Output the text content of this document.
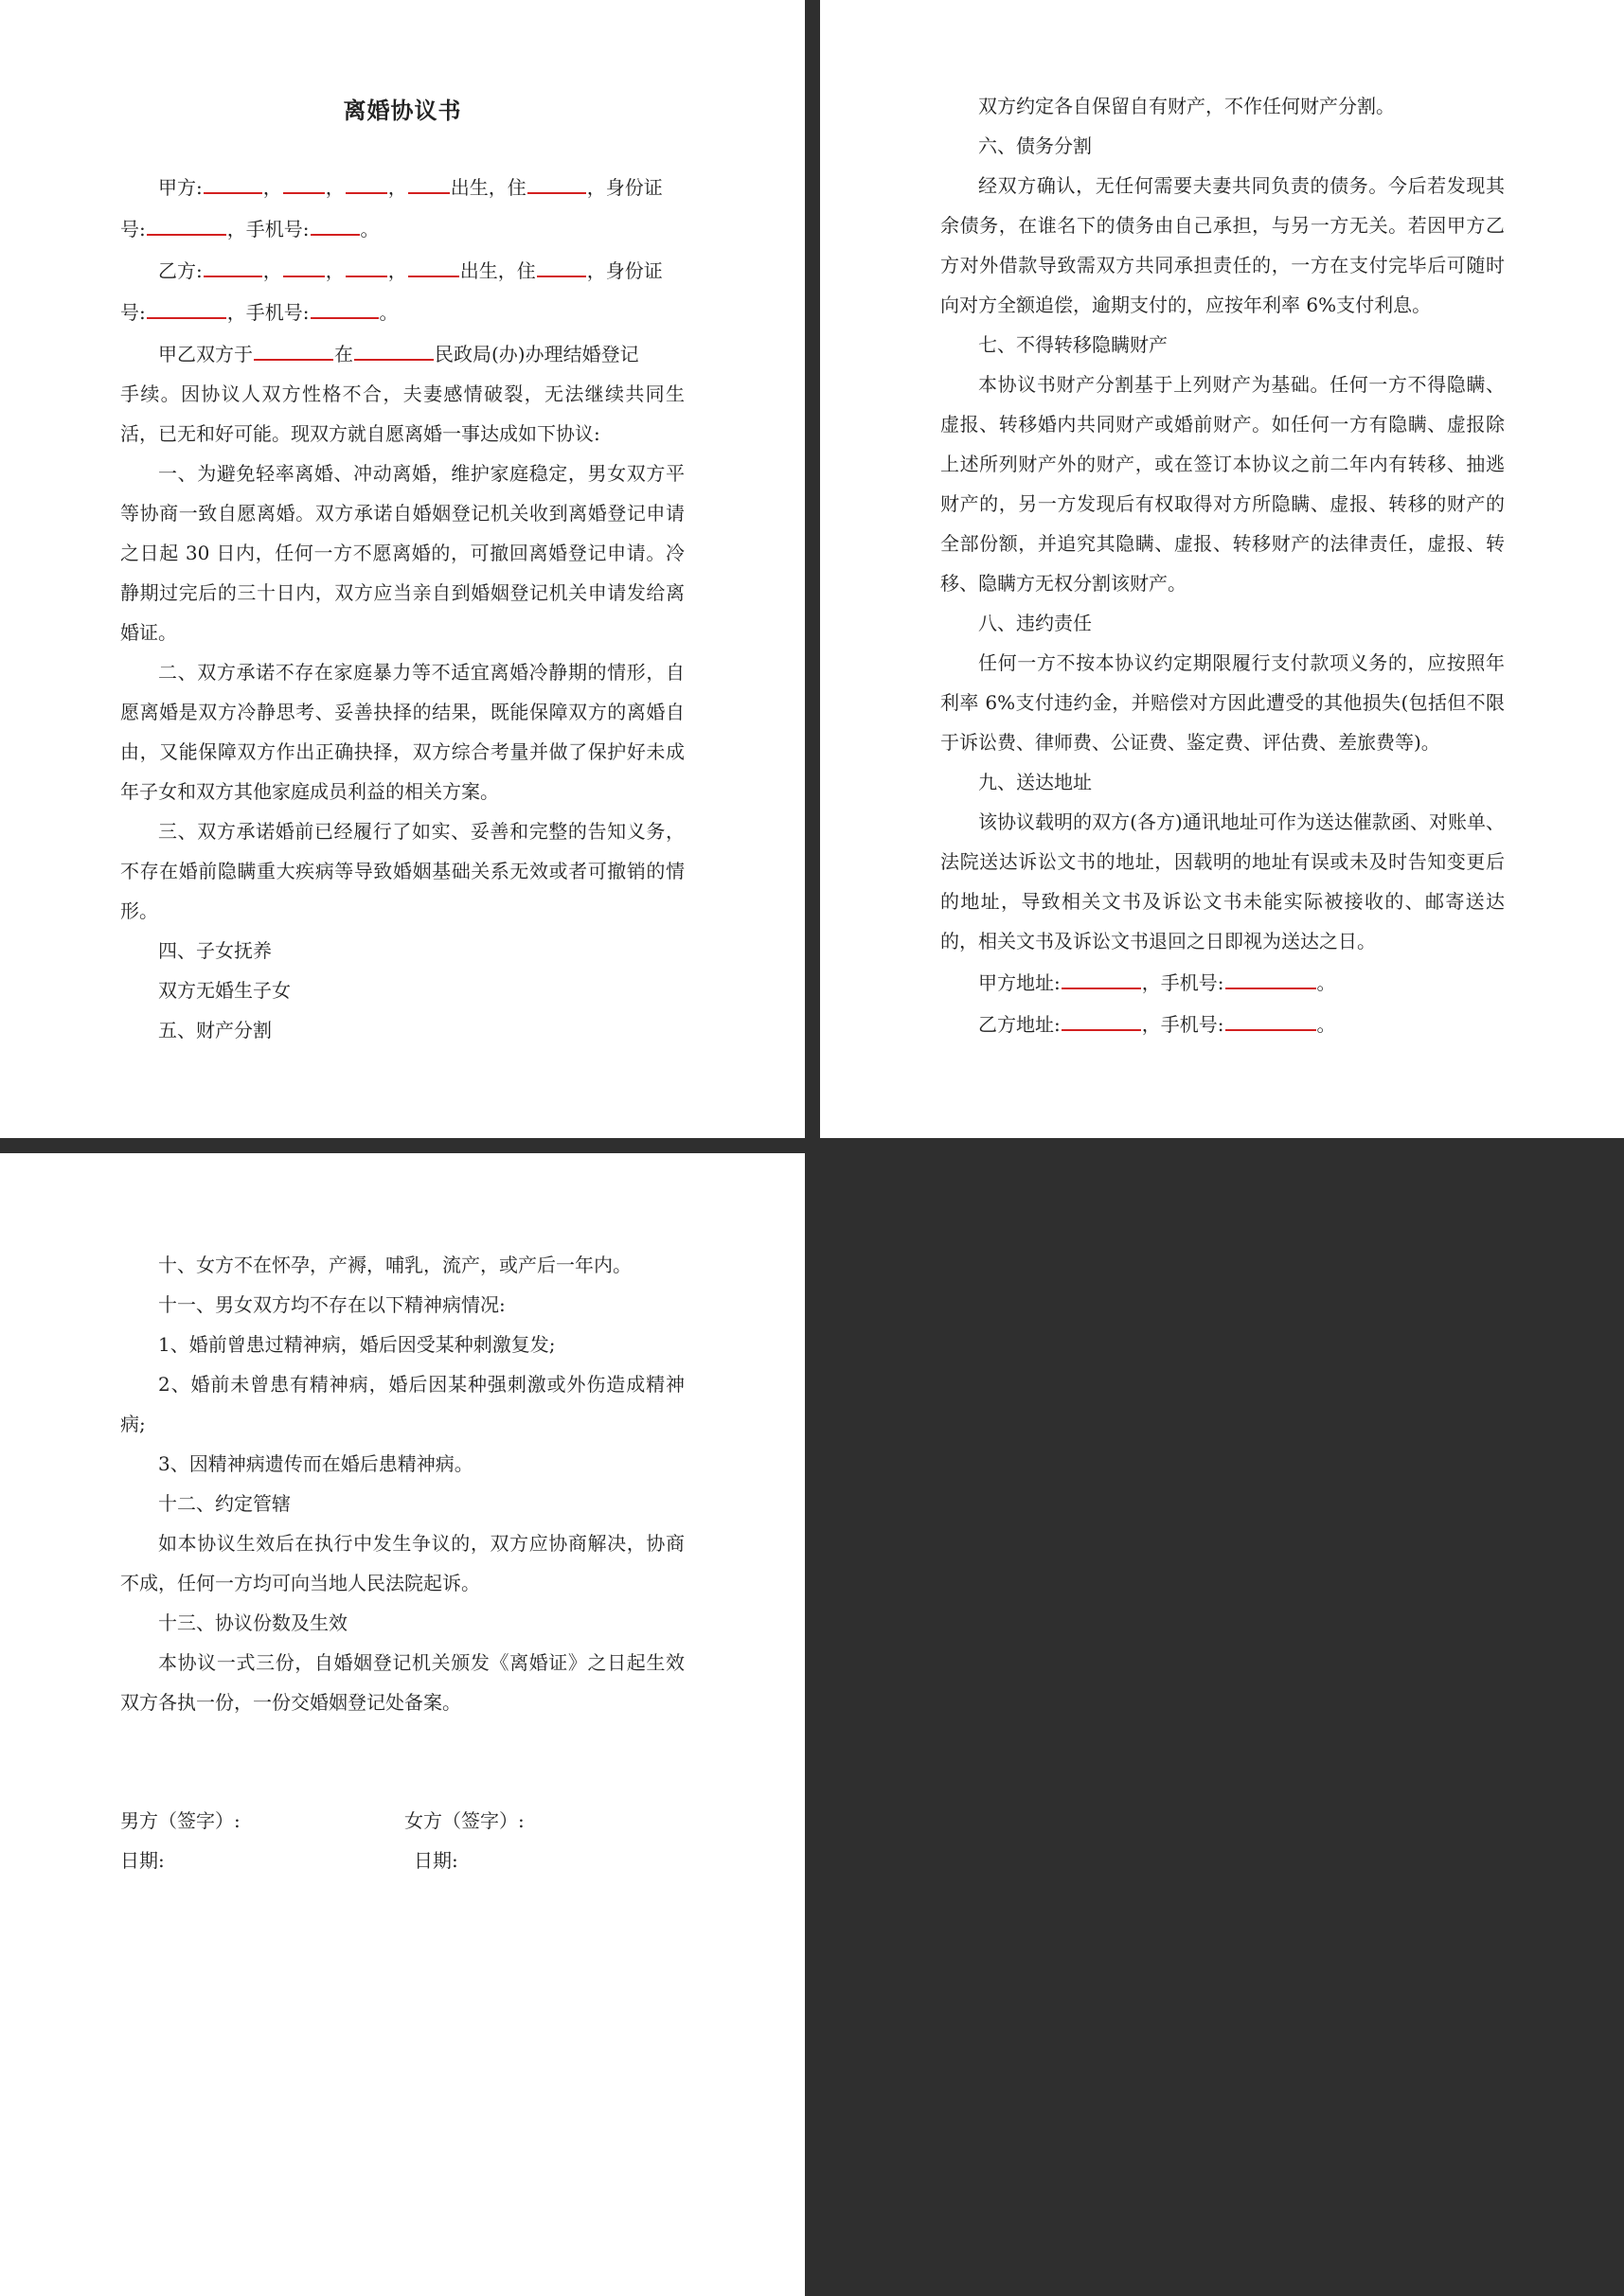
离婚协议书

甲方:	， ， ， 出生，住	，身份证

号:	，手机号:	。

乙方:	， ， ，	出生，住	，身份证

号:	，手机号:	。

甲乙双方于	在	民政局(办)办理结婚登记

手续。因协议人双方性格不合，夫妻感情破裂，无法继续共同生活，已无和好可能。现双方就自愿离婚一事达成如下协议:

一、为避免轻率离婚、冲动离婚，维护家庭稳定，男女双方平等协商一致自愿离婚。双方承诺自婚姻登记机关收到离婚登记申请之日起 30 日内，任何一方不愿离婚的，可撤回离婚登记申请。冷静期过完后的三十日内，双方应当亲自到婚姻登记机关申请发给离婚证。

二、双方承诺不存在家庭暴力等不适宜离婚冷静期的情形，自愿离婚是双方冷静思考、妥善抉择的结果，既能保障双方的离婚自由，又能保障双方作出正确抉择，双方综合考量并做了保护好未成年子女和双方其他家庭成员利益的相关方案。

三、双方承诺婚前已经履行了如实、妥善和完整的告知义务，不存在婚前隐瞒重大疾病等导致婚姻基础关系无效或者可撤销的情形。

四、子女抚养

双方无婚生子女

五、财产分割

双方约定各自保留自有财产，不作任何财产分割。

六、债务分割

经双方确认，无任何需要夫妻共同负责的债务。今后若发现其余债务，在谁名下的债务由自己承担，与另一方无关。若因甲方乙方对外借款导致需双方共同承担责任的，一方在支付完毕后可随时向对方全额追偿，逾期支付的，应按年利率 6%支付利息。

七、不得转移隐瞒财产

本协议书财产分割基于上列财产为基础。任何一方不得隐瞒、虚报、转移婚内共同财产或婚前财产。如任何一方有隐瞒、虚报除上述所列财产外的财产，或在签订本协议之前二年内有转移、抽逃财产的，另一方发现后有权取得对方所隐瞒、虚报、转移的财产的全部份额，并追究其隐瞒、虚报、转移财产的法律责任，虚报、转移、隐瞒方无权分割该财产。

八、违约责任

任何一方不按本协议约定期限履行支付款项义务的，应按照年利率 6%支付违约金，并赔偿对方因此遭受的其他损失(包括但不限于诉讼费、律师费、公证费、鉴定费、评估费、差旅费等)。

九、送达地址

该协议载明的双方(各方)通讯地址可作为送达催款函、对账单、法院送达诉讼文书的地址，因载明的地址有误或未及时告知变更后的地址，导致相关文书及诉讼文书未能实际被接收的、邮寄送达的，相关文书及诉讼文书退回之日即视为送达之日。

甲方地址:	，手机号:	。

乙方地址:	，手机号:	。

十、女方不在怀孕，产褥，哺乳，流产，或产后一年内。

十一、男女双方均不存在以下精神病情况:

1、婚前曾患过精神病，婚后因受某种刺激复发;

2、婚前未曾患有精神病，婚后因某种强刺激或外伤造成精神病;

3、因精神病遗传而在婚后患精神病。

十二、约定管辖

如本协议生效后在执行中发生争议的，双方应协商解决，协商不成，任何一方均可向当地人民法院起诉。

十三、协议份数及生效

本协议一式三份，自婚姻登记机关颁发《离婚证》之日起生效双方各执一份，一份交婚姻登记处备案。

男方（签字）:	女方（签字）:
日期:	日期:
